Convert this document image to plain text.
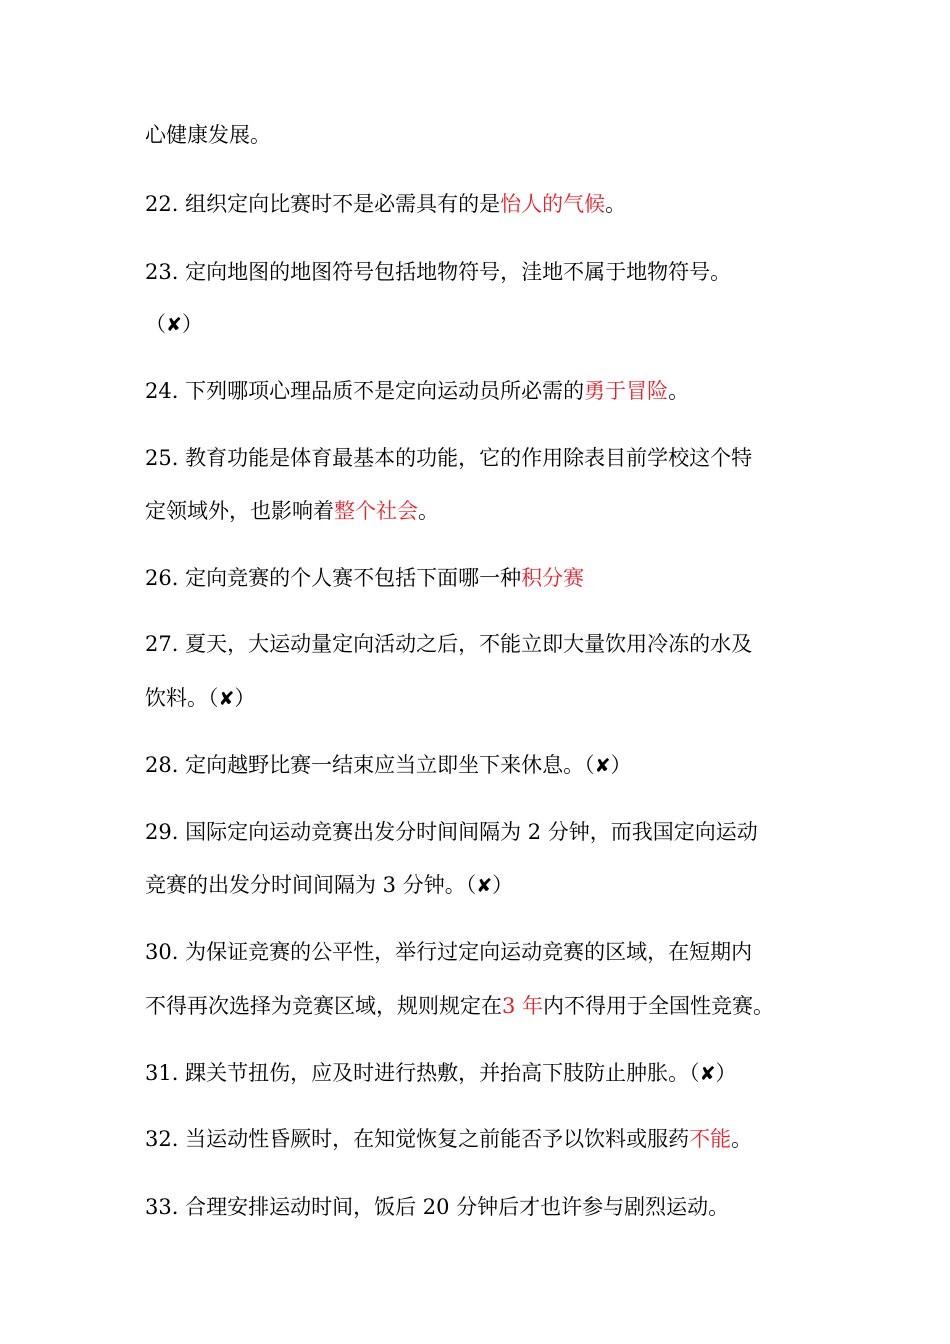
心健康发展。
22. 组织定向比赛时不是必需具有的是怡人的气候。
23. 定向地图的地图符号包括地物符号，洼地不属于地物符号。
（✘）
24. 下列哪项心理品质不是定向运动员所必需的勇于冒险。
25. 教育功能是体育最基本的功能，它的作用除表目前学校这个特
定领域外，也影响着整个社会。
26. 定向竞赛的个人赛不包括下面哪一种积分赛
27. 夏天，大运动量定向活动之后，不能立即大量饮用冷冻的水及
饮料。（✘）
28. 定向越野比赛一结束应当立即坐下来休息。（✘）
29. 国际定向运动竞赛出发分时间间隔为 2 分钟，而我国定向运动
竞赛的出发分时间间隔为 3 分钟。（✘）
30. 为保证竞赛的公平性，举行过定向运动竞赛的区域，在短期内
不得再次选择为竞赛区域，规则规定在3 年内不得用于全国性竞赛。
31. 踝关节扭伤，应及时进行热敷，并抬高下肢防止肿胀。（✘）
32. 当运动性昏厥时，在知觉恢复之前能否予以饮料或服药不能。
33. 合理安排运动时间，饭后 20 分钟后才也许参与剧烈运动。
